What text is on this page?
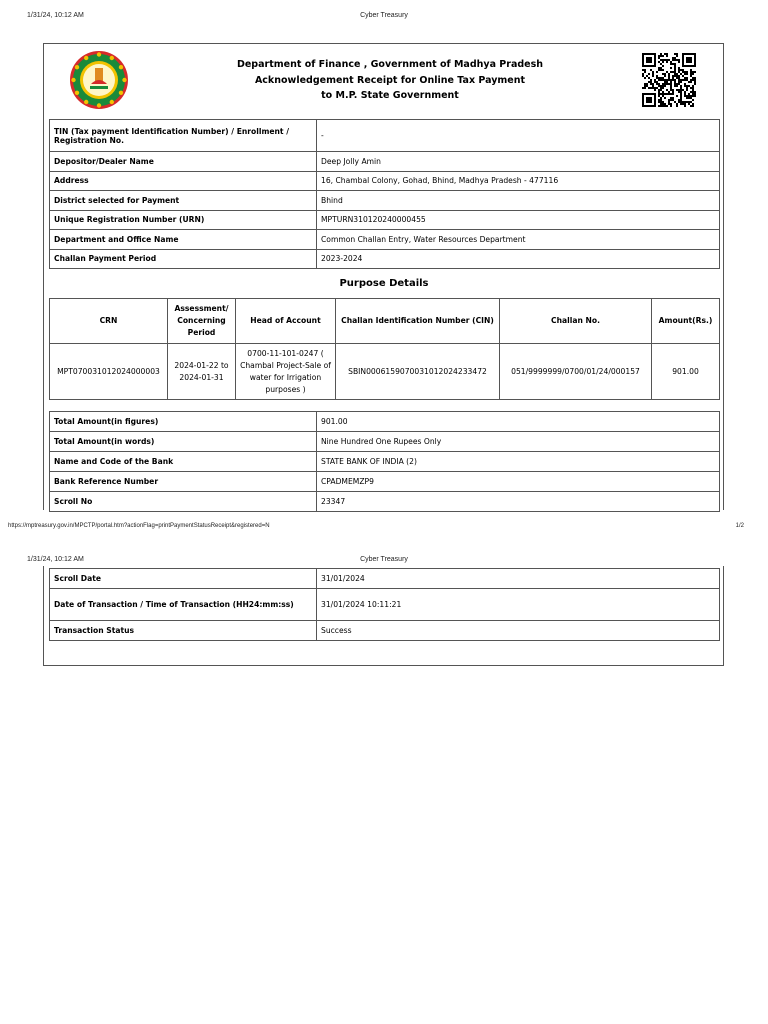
1/31/24, 10:12 AM	Cyber Treasury
Department of Finance , Government of Madhya Pradesh
Acknowledgement Receipt for Online Tax Payment
to M.P. State Government
TIN (Tax payment Identification Number) / Enrollment / Registration No.	-
Depositor/Dealer Name	Deep Jolly Amin
Address	16, Chambal Colony, Gohad, Bhind, Madhya Pradesh - 477116
District selected for Payment	Bhind
Unique Registration Number (URN)	MPTURN310120240000455
Department and Office Name	Common Challan Entry, Water Resources Department
Challan Payment Period	2023-2024
Purpose Details
CRN	Assessment/ Concerning Period	Head of Account	Challan Identification Number (CIN)	Challan No.	Amount(Rs.)
MPT070031012024000003	2024-01-22 to 2024-01-31	0700-11-101-0247 ( Chambal Project-Sale of water for Irrigation purposes )	SBIN00061590700310120242334​72	051/9999999/0700/01/24/000157	901.00
Total Amount(in figures)	901.00
Total Amount(in words)	Nine Hundred One Rupees Only
Name and Code of the Bank	STATE BANK OF INDIA (2)
Bank Reference Number	CPADMEMZP9
Scroll No	23347
https://mptreasury.gov.in/MPCTP/portal.htm?actionFlag=printPaymentStatusReceipt&registered=N	1/2
1/31/24, 10:12 AM	Cyber Treasury
Scroll Date	31/01/2024
Date of Transaction / Time of Transaction (HH24:mm:ss)	31/01/2024 10:11:21
Transaction Status	Success
